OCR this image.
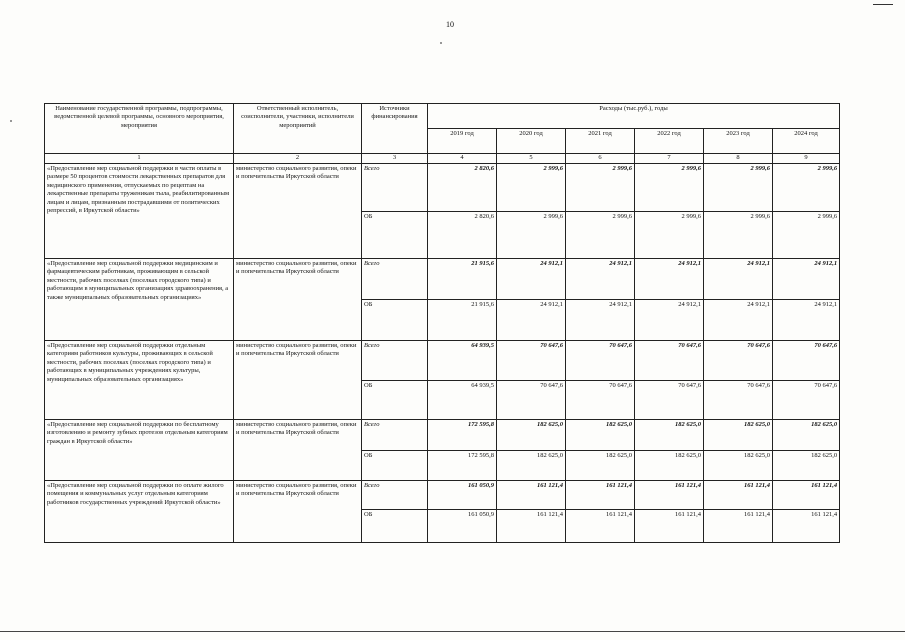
10
Наименование государственной программы, подпрограммы, ведомственной целевой программы, основного мероприятия, мероприятия	Ответственный исполнитель, соисполнители, участники, исполнители мероприятий	Источники финансирования	Расходы (тыс.руб.), годы					
			2019 год	2020 год	2021 год	2022 год	2023 год	2024 год
1	2	3	4	5	6	7	8	9
«Предоставление мер социальной поддержки в части оплаты в размере 50 процентов стоимости лекарственных препаратов для медицинского применения, отпускаемых по рецептам на лекарственные препараты труженикам тыла, реабилитированным лицам и лицам, признанным пострадавшими от политических репрессий, в Иркутской области»	министерство социального развития, опеки и попечительства Иркутской области	Всего	2 820,6	2 999,6	2 999,6	2 999,6	2 999,6	2 999,6
		ОБ	2 820,6	2 999,6	2 999,6	2 999,6	2 999,6	2 999,6
«Предоставление мер социальной поддержки медицинским и фармацевтическим работникам, проживающим в сельской местности, рабочих поселках (поселках городского типа) и работающим в муниципальных организациях здравоохранения, а также муниципальных образовательных организациях»	министерство социального развития, опеки и попечительства Иркутской области	Всего	21 915,6	24 912,1	24 912,1	24 912,1	24 912,1	24 912,1
		ОБ	21 915,6	24 912,1	24 912,1	24 912,1	24 912,1	24 912,1
«Предоставление мер социальной поддержки отдельным категориям работников культуры, проживающих в сельской местности, рабочих поселках (поселках городского типа) и работающих в муниципальных учреждениях культуры, муниципальных образовательных организациях»	министерство социального развития, опеки и попечительства Иркутской области	Всего	64 939,5	70 647,6	70 647,6	70 647,6	70 647,6	70 647,6
		ОБ	64 939,5	70 647,6	70 647,6	70 647,6	70 647,6	70 647,6
«Предоставление мер социальной поддержки по бесплатному изготовлению и ремонту зубных протезов отдельным категориям граждан в Иркутской области»	министерство социального развития, опеки и попечительства Иркутской области	Всего	172 595,8	182 625,0	182 625,0	182 625,0	182 625,0	182 625,0
		ОБ	172 595,8	182 625,0	182 625,0	182 625,0	182 625,0	182 625,0
«Предоставление мер социальной поддержки по оплате жилого помещения и коммунальных услуг отдельным категориям работников государственных учреждений Иркутской области»	министерство социального развития, опеки и попечительства Иркутской области	Всего	161 050,9	161 121,4	161 121,4	161 121,4	161 121,4	161 121,4
		ОБ	161 050,9	161 121,4	161 121,4	161 121,4	161 121,4	161 121,4
